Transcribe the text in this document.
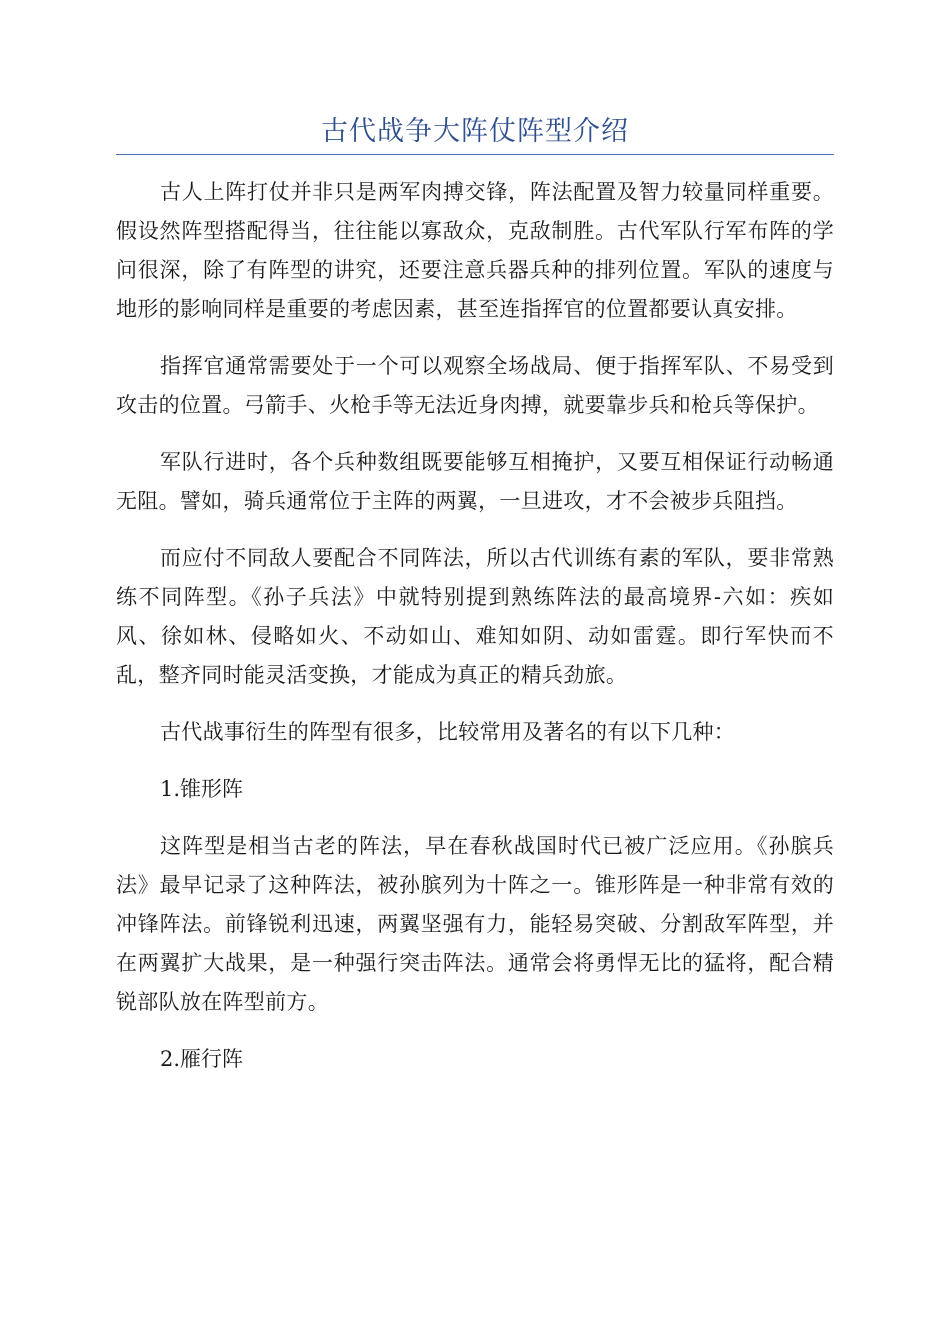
古代战争大阵仗阵型介绍

古人上阵打仗并非只是两军肉搏交锋，阵法配置及智力较量同样重要。假设然阵型搭配得当，往往能以寡敌众，克敌制胜。古代军队行军布阵的学问很深，除了有阵型的讲究，还要注意兵器兵种的排列位置。军队的速度与地形的影响同样是重要的考虑因素，甚至连指挥官的位置都要认真安排。

指挥官通常需要处于一个可以观察全场战局、便于指挥军队、不易受到攻击的位置。弓箭手、火枪手等无法近身肉搏，就要靠步兵和枪兵等保护。

军队行进时，各个兵种数组既要能够互相掩护，又要互相保证行动畅通无阻。譬如，骑兵通常位于主阵的两翼，一旦进攻，才不会被步兵阻挡。

而应付不同敌人要配合不同阵法，所以古代训练有素的军队，要非常熟练不同阵型。《孙子兵法》中就特别提到熟练阵法的最高境界-六如：疾如风、徐如林、侵略如火、不动如山、难知如阴、动如雷霆。即行军快而不乱，整齐同时能灵活变换，才能成为真正的精兵劲旅。

古代战事衍生的阵型有很多，比较常用及著名的有以下几种：

1.锥形阵

这阵型是相当古老的阵法，早在春秋战国时代已被广泛应用。《孙膑兵法》最早记录了这种阵法，被孙膑列为十阵之一。锥形阵是一种非常有效的冲锋阵法。前锋锐利迅速，两翼坚强有力，能轻易突破、分割敌军阵型，并在两翼扩大战果，是一种强行突击阵法。通常会将勇悍无比的猛将，配合精锐部队放在阵型前方。

2.雁行阵
